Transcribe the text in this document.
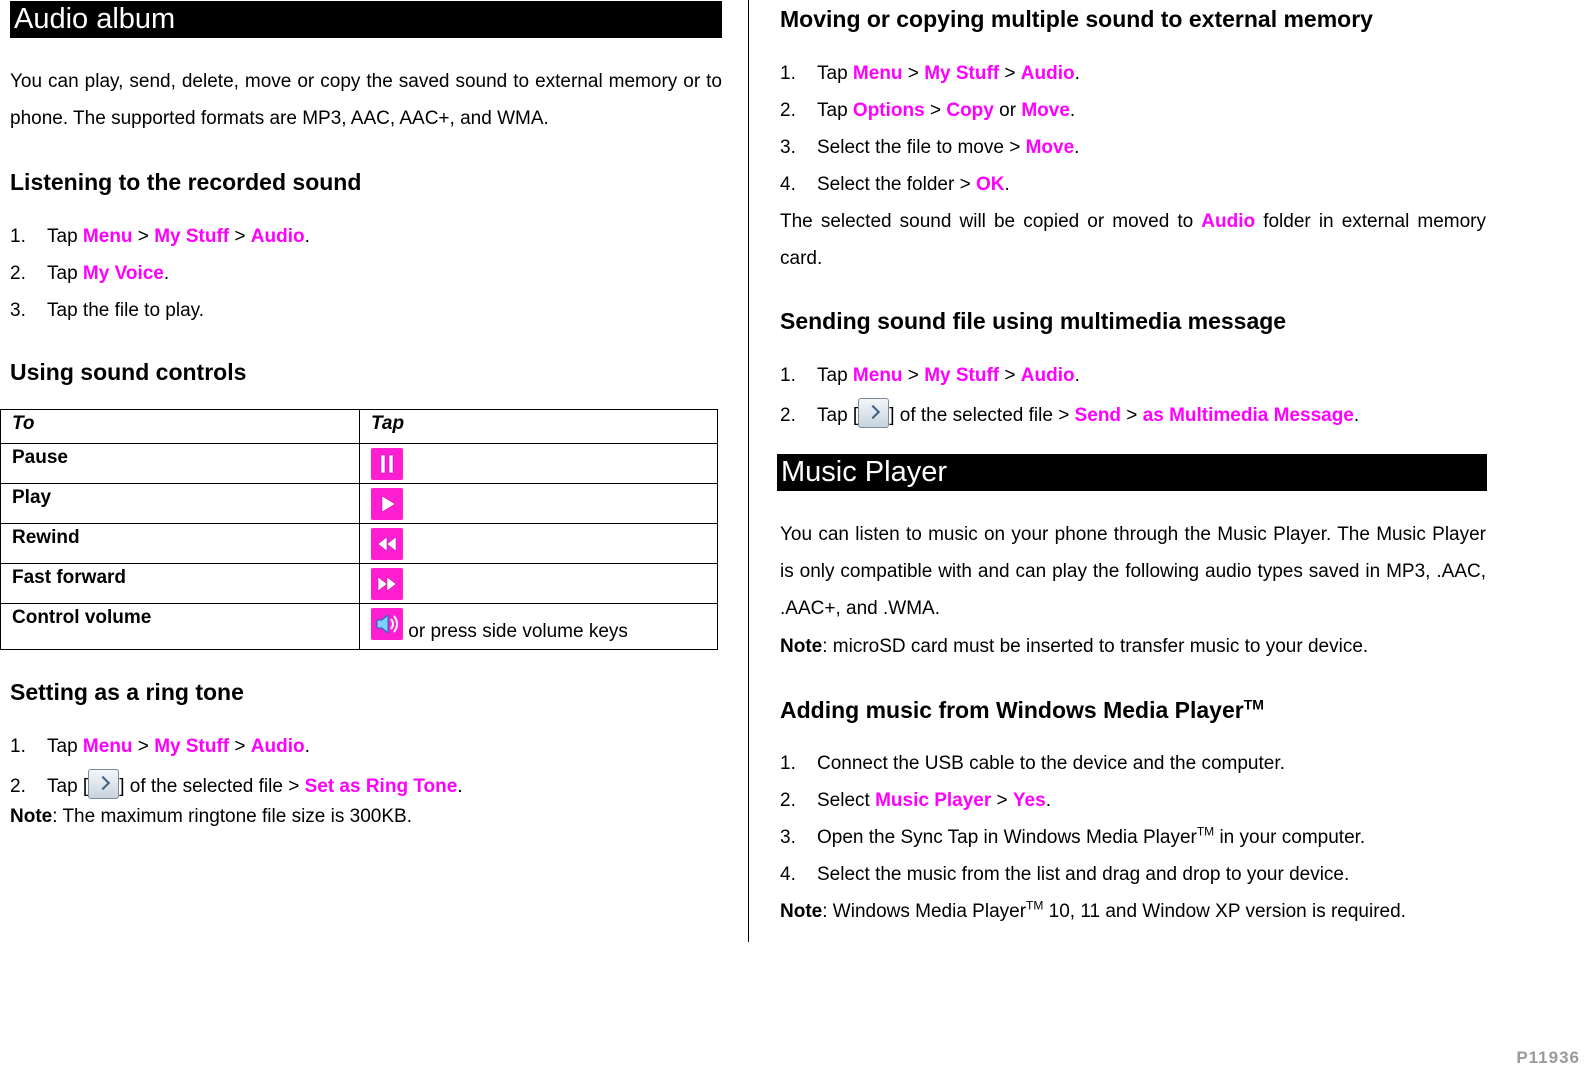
Audio album

You can play, send, delete, move or copy the saved sound to external memory or to phone. The supported formats are MP3, AAC, AAC+, and WMA.

Listening to the recorded sound
1. Tap Menu > My Stuff > Audio.
2. Tap My Voice.
3. Tap the file to play.
Using sound controls
To	Tap
Pause	

Play	

Rewind	

Fast forward	

Control volume	or press side volume keys
Setting as a ring tone
1. Tap Menu > My Stuff > Audio.
2. Tap [ ] of the selected file > Set as Ring Tone.

Note: The maximum ringtone file size is 300KB.

Moving or copying multiple sound to external memory
1. Tap Menu > My Stuff > Audio.
2. Tap Options > Copy or Move.
3. Select the file to move > Move.
4. Select the folder > OK.

The selected sound will be copied or moved to Audio folder in external memory card.

Sending sound file using multimedia message
1. Tap Menu > My Stuff > Audio.
2. Tap [ ] of the selected file > Send > as Multimedia Message.
Music Player

You can listen to music on your phone through the Music Player. The Music Player is only compatible with and can play the following audio types saved in MP3, .AAC, .AAC+, and .WMA.

Note: microSD card must be inserted to transfer music to your device.

Adding music from Windows Media Player™
1. Connect the USB cable to the device and the computer.
2. Select Music Player > Yes.
3. Open the Sync Tap in Windows Media Player™ in your computer.
4. Select the music from the list and drag and drop to your device.

Note: Windows Media Player™ 10, 11 and Window XP version is required.

P11936
